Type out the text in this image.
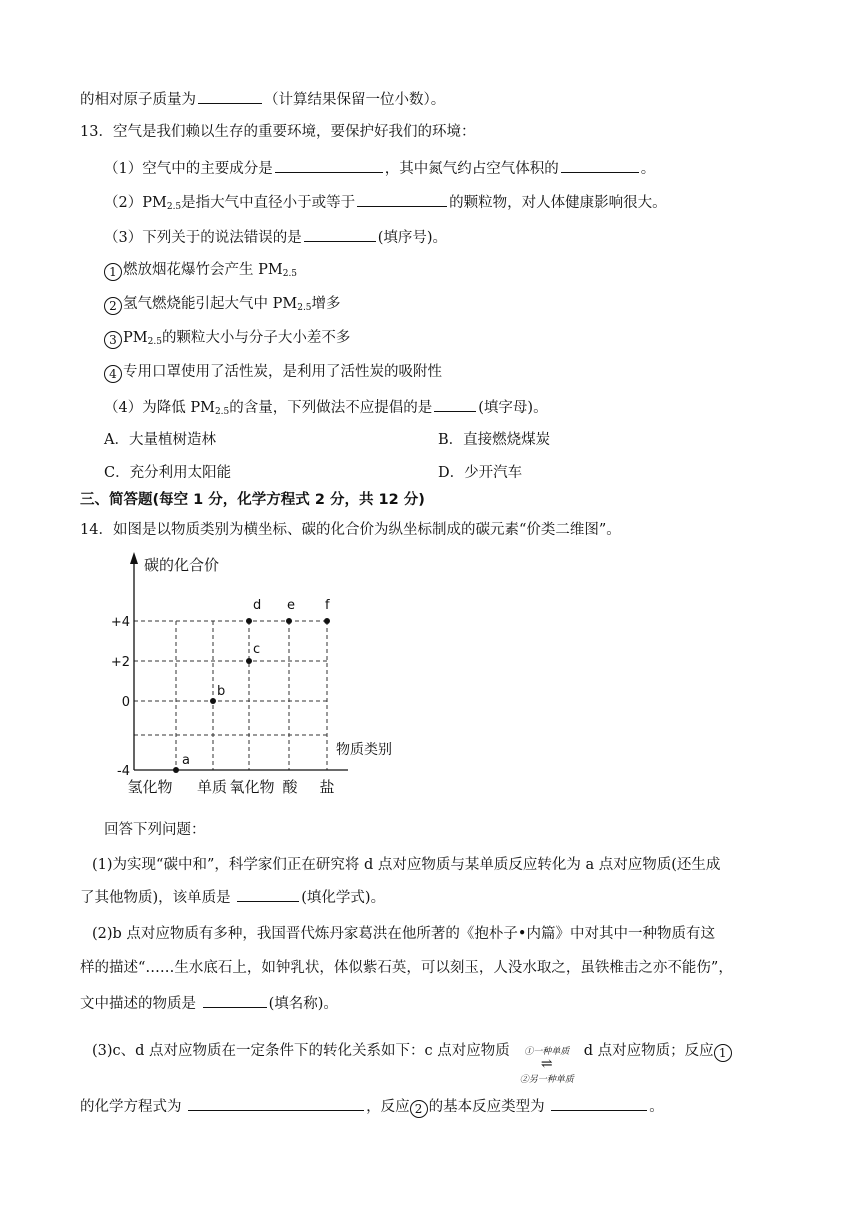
的相对原子质量为	（计算结果保留一位小数）。
13．空气是我们赖以生存的重要环境，要保护好我们的环境：
（1）空气中的主要成分是	，其中氮气约占空气体积的	。
$(2)PM_{2.5}$是指大气中直径小于或等于	的颗粒物，对人体健康影响很大。
（3）下列关于的说法错误的是	(填序号)。
1 燃放烟花爆竹会产生 $PM_{2.5}$
2 氢气燃烧能引起大气中 $PM_{2.5}$增多
3 $PM_{2.5}$的颗粒大小与分子大小差不多
4 专用口罩使用了活性炭，是利用了活性炭的吸附性
（4）为降低 $PM_{2.5}$的含量，下列做法不应提倡的是	(填字母)。
A．大量植树造林	B．直接燃烧煤炭
C．充分利用太阳能	D．少开汽车
三、简答题(每空 1 分，化学方程式 2 分，共 12 分)
14．如图是以物质类别为横坐标、碳的化合价为纵坐标制成的碳元素“价类二维图”。
碳的化合价
物质类别
+4
+2
0
-4
氢化物 单质 氧化物 酸 盐
a
b
c
d e f
回答下列问题：
(1)为实现“碳中和”，科学家们正在研究将 d 点对应物质与某单质反应转化为 a 点对应物质(还生成
了其他物质)，该单质是	(填化学式)。
(2)b 点对应物质有多种，我国晋代炼丹家葛洪在他所著的《抱朴子•内篇》中对其中一种物质有这
样的描述“……生水底石上，如钟乳状，体似紫石英，可以刻玉，人没水取之，虽铁椎击之亦不能伤”，
文中描述的物质是	(填名称)。
(3)c、d 点对应物质在一定条件下的转化关系如下：c 点对应物质	①一种单质
⇌
②另一种单质
d 点对应物质；反应 1
的化学方程式为	，反应 2 的基本反应类型为	。
